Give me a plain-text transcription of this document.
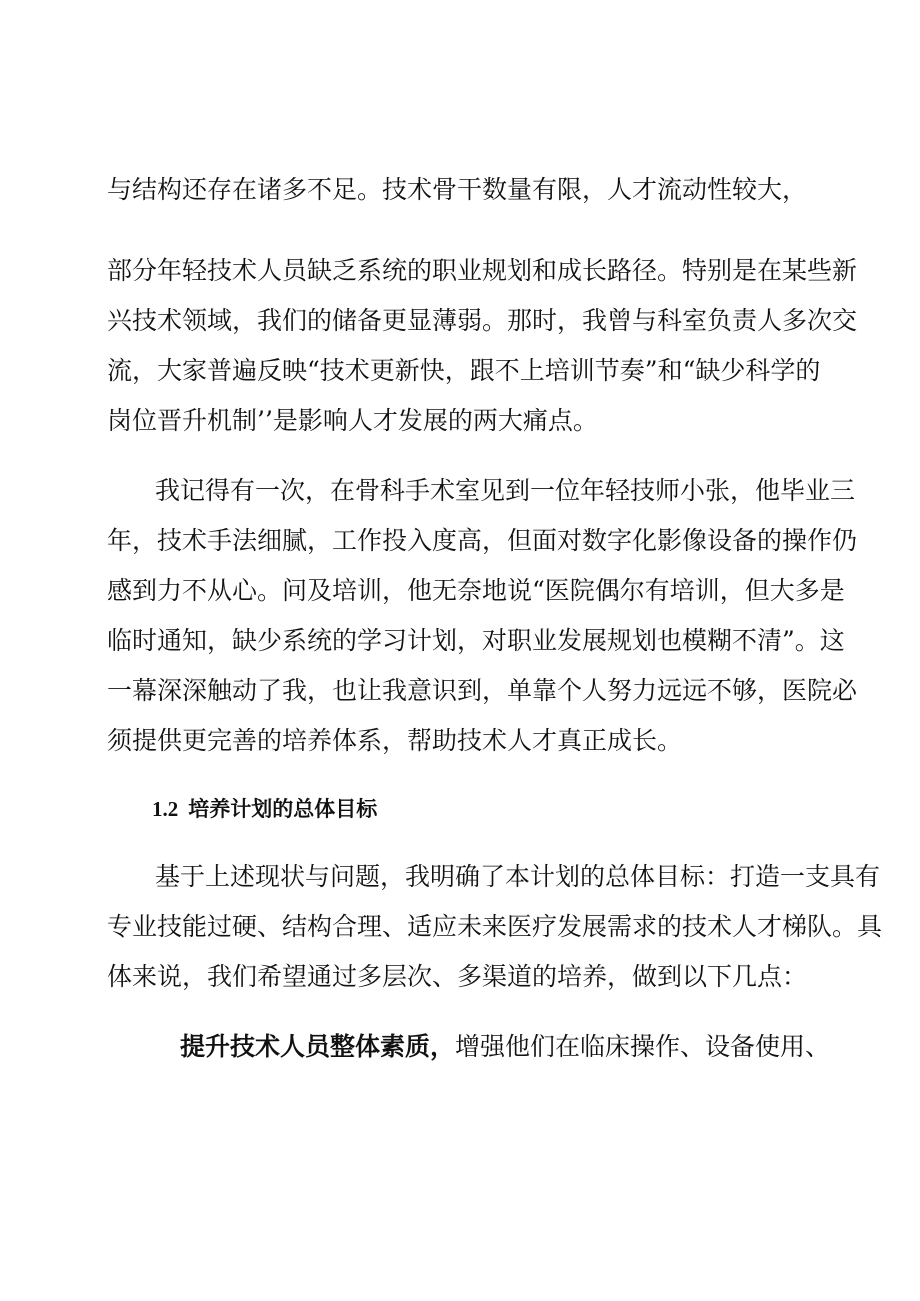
与结构还存在诸多不足。技术骨干数量有限，人才流动性较大，

部分年轻技术人员缺乏系统的职业规划和成长路径。特别是在某些新

兴技术领域，我们的储备更显薄弱。那时，我曾与科室负责人多次交

流，大家普遍反映“技术更新快，跟不上培训节奏”和“缺少科学的

岗位晋升机制’’是影响人才发展的两大痛点。

我记得有一次，在骨科手术室见到一位年轻技师小张，他毕业三

年，技术手法细腻，工作投入度高，但面对数字化影像设备的操作仍

感到力不从心。问及培训，他无奈地说“医院偶尔有培训，但大多是

临时通知，缺少系统的学习计划，对职业发展规划也模糊不清”。这

一幕深深触动了我，也让我意识到，单靠个人努力远远不够，医院必

须提供更完善的培养体系，帮助技术人才真正成长。

1.2 培养计划的总体目标

基于上述现状与问题，我明确了本计划的总体目标：打造一支具有

专业技能过硬、结构合理、适应未来医疗发展需求的技术人才梯队。具

体来说，我们希望通过多层次、多渠道的培养，做到以下几点：

提升技术人员整体素质，增强他们在临床操作、设备使用、
